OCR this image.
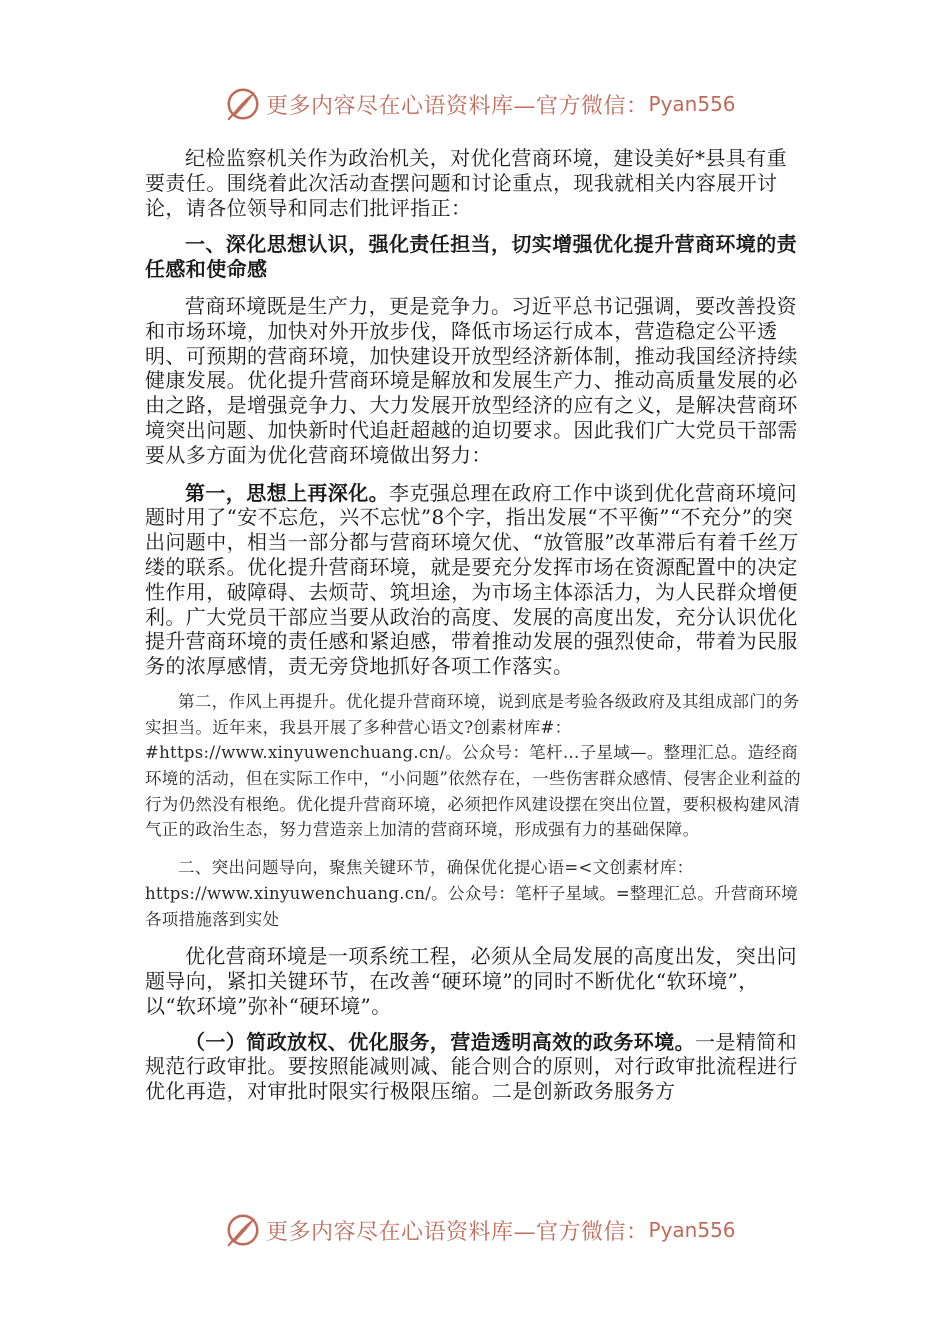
更多内容尽在心语资料库—官方微信： Pyan556

纪检监察机关作为政治机关，对优化营商环境，建设美好*县具有重要责任。围绕着此次活动查摆问题和讨论重点，现我就相关内容展开讨论，请各位领导和同志们批评指正：

一、深化思想认识，强化责任担当，切实增强优化提升营商环境的责任感和使命感

营商环境既是生产力，更是竞争力。习近平总书记强调，要改善投资和市场环境，加快对外开放步伐，降低市场运行成本，营造稳定公平透明、可预期的营商环境，加快建设开放型经济新体制，推动我国经济持续健康发展。优化提升营商环境是解放和发展生产力、推动高质量发展的必由之路，是增强竞争力、大力发展开放型经济的应有之义，是解决营商环境突出问题、加快新时代追赶超越的迫切要求。因此我们广大党员干部需要从多方面为优化营商环境做出努力：

第一，思想上再深化。李克强总理在政府工作中谈到优化营商环境问题时用了“安不忘危，兴不忘忧”8个字，指出发展“不平衡”“不充分”的突出问题中，相当一部分都与营商环境欠优、“放管服”改革滞后有着千丝万缕的联系。优化提升营商环境，就是要充分发挥市场在资源配置中的决定性作用，破障碍、去烦苛、筑坦途，为市场主体添活力，为人民群众增便利。广大党员干部应当要从政治的高度、发展的高度出发，充分认识优化提升营商环境的责任感和紧迫感，带着推动发展的强烈使命，带着为民服务的浓厚感情，责无旁贷地抓好各项工作落实。

第二，作风上再提升。优化提升营商环境，说到底是考验各级政府及其组成部门的务实担当。近年来，我县开展了多种营心语文?创素材库#：#https://www.xinyuwenchuang.cn/。公众号：笔杆…子星域—。整理汇总。造经商环境的活动，但在实际工作中，“小问题”依然存在，一些伤害群众感情、侵害企业利益的行为仍然没有根绝。优化提升营商环境，必须把作风建设摆在突出位置，要积极构建风清气正的政治生态，努力营造亲上加清的营商环境，形成强有力的基础保障。

二、突出问题导向，聚焦关键环节，确保优化提心语=<文创素材库：https://www.xinyuwenchuang.cn/。公众号：笔杆子星域。=整理汇总。升营商环境各项措施落到实处

优化营商环境是一项系统工程，必须从全局发展的高度出发，突出问题导向，紧扣关键环节，在改善“硬环境”的同时不断优化“软环境”，以“软环境”弥补“硬环境”。

（一）简政放权、优化服务，营造透明高效的政务环境。一是精简和规范行政审批。要按照能减则减、能合则合的原则，对行政审批流程进行优化再造，对审批时限实行极限压缩。二是创新政务服务方

更多内容尽在心语资料库—官方微信： Pyan556
